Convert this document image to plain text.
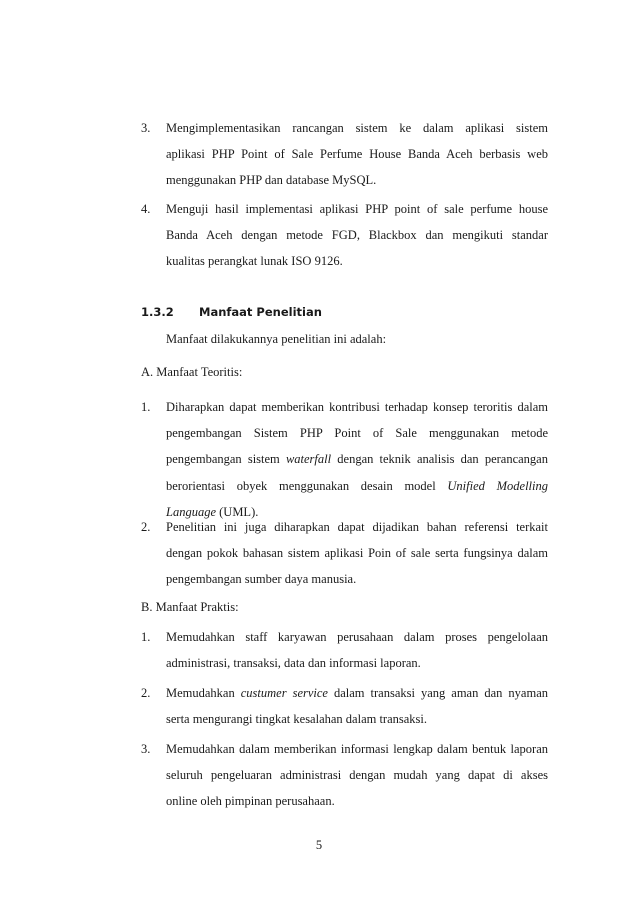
3.	Mengimplementasikan rancangan sistem ke dalam aplikasi sistem
aplikasi PHP Point of Sale Perfume House Banda Aceh berbasis web
menggunakan PHP dan database MySQL.
4.	Menguji hasil implementasi aplikasi PHP point of sale perfume house
Banda Aceh dengan metode FGD, Blackbox dan mengikuti standar
kualitas perangkat lunak ISO 9126.
1.3.2 Manfaat Penelitian
Manfaat dilakukannya penelitian ini adalah:
A. Manfaat Teoritis:
1.	Diharapkan dapat memberikan kontribusi terhadap konsep teroritis dalam
pengembangan Sistem PHP Point of Sale menggunakan metode
pengembangan sistem waterfall dengan teknik analisis dan perancangan
berorientasi obyek menggunakan desain model Unified Modelling
Language (UML).
2.	Penelitian ini juga diharapkan dapat dijadikan bahan referensi terkait
dengan pokok bahasan sistem aplikasi Poin of sale serta fungsinya dalam
pengembangan sumber daya manusia.
B. Manfaat Praktis:
1.	Memudahkan staff karyawan perusahaan dalam proses pengelolaan
administrasi, transaksi, data dan informasi laporan.
2.	Memudahkan custumer service dalam transaksi yang aman dan nyaman
serta mengurangi tingkat kesalahan dalam transaksi.
3.	Memudahkan dalam memberikan informasi lengkap dalam bentuk laporan
seluruh pengeluaran administrasi dengan mudah yang dapat di akses
online oleh pimpinan perusahaan.
5
